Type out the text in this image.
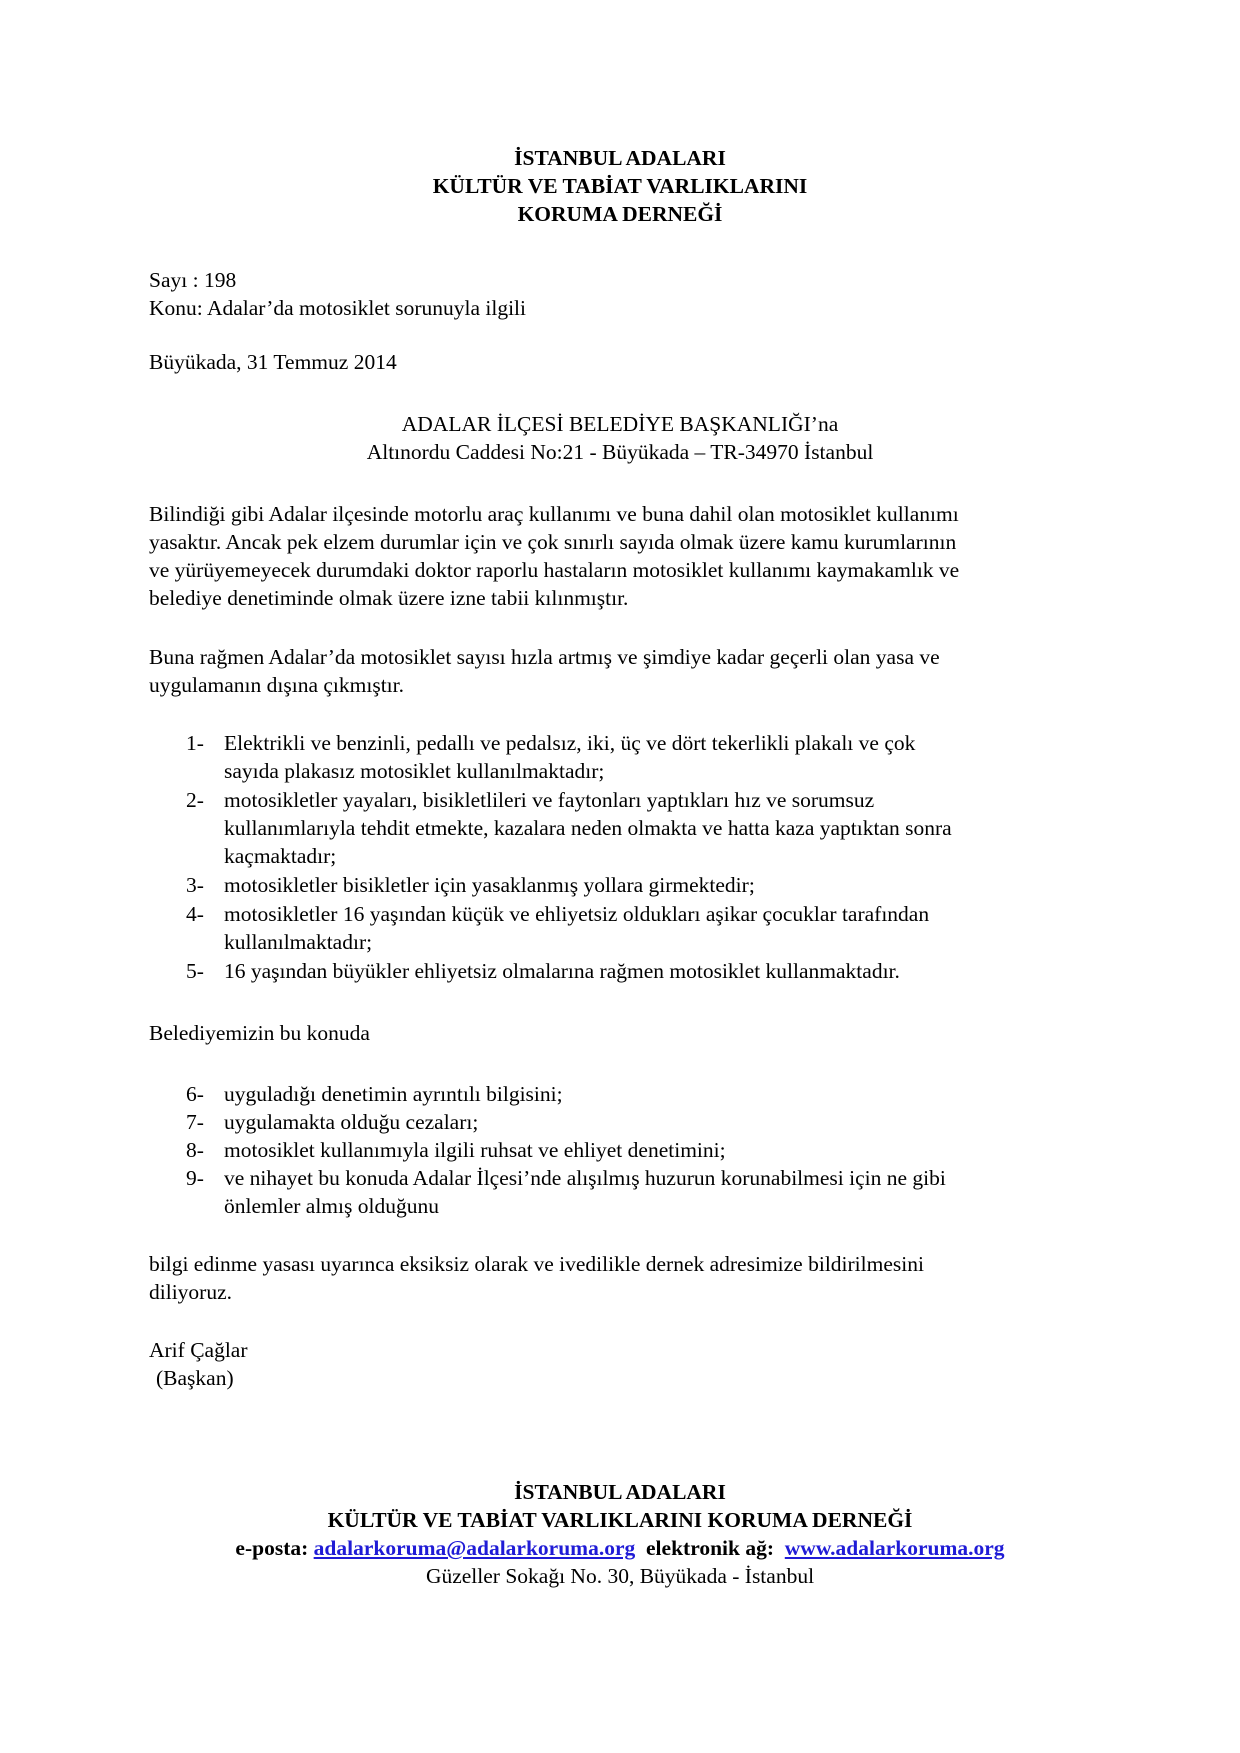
İSTANBUL ADALARI
KÜLTÜR VE TABİAT VARLIKLARINI
KORUMA DERNEĞİ
Sayı : 198
Konu: Adalar’da motosiklet sorunuyla ilgili
Büyükada, 31 Temmuz 2014
ADALAR İLÇESİ BELEDİYE BAŞKANLIĞI’na
Altınordu Caddesi No:21 - Büyükada – TR-34970 İstanbul
Bilindiği gibi Adalar ilçesinde motorlu araç kullanımı ve buna dahil olan motosiklet kullanımı
yasaktır. Ancak pek elzem durumlar için ve çok sınırlı sayıda olmak üzere kamu kurumlarının
ve yürüyemeyecek durumdaki doktor raporlu hastaların motosiklet kullanımı kaymakamlık ve
belediye denetiminde olmak üzere izne tabii kılınmıştır.
Buna rağmen Adalar’da motosiklet sayısı hızla artmış ve şimdiye kadar geçerli olan yasa ve
uygulamanın dışına çıkmıştır.
1- Elektrikli ve benzinli, pedallı ve pedalsız, iki, üç ve dört tekerlikli plakalı ve çok
sayıda plakasız motosiklet kullanılmaktadır;
2- motosikletler yayaları, bisikletlileri ve faytonları yaptıkları hız ve sorumsuz
kullanımlarıyla tehdit etmekte, kazalara neden olmakta ve hatta kaza yaptıktan sonra
kaçmaktadır;
3- motosikletler bisikletler için yasaklanmış yollara girmektedir;
4- motosikletler 16 yaşından küçük ve ehliyetsiz oldukları aşikar çocuklar tarafından
kullanılmaktadır;
5- 16 yaşından büyükler ehliyetsiz olmalarına rağmen motosiklet kullanmaktadır.
Belediyemizin bu konuda
6- uyguladığı denetimin ayrıntılı bilgisini;
7- uygulamakta olduğu cezaları;
8- motosiklet kullanımıyla ilgili ruhsat ve ehliyet denetimini;
9- ve nihayet bu konuda Adalar İlçesi’nde alışılmış huzurun korunabilmesi için ne gibi
önlemler almış olduğunu
bilgi edinme yasası uyarınca eksiksiz olarak ve ivedilikle dernek adresimize bildirilmesini
diliyoruz.
Arif Çağlar
(Başkan)
İSTANBUL ADALARI
KÜLTÜR VE TABİAT VARLIKLARINI KORUMA DERNEĞİ
e-posta: adalarkoruma@adalarkoruma.org elektronik ağ: www.adalarkoruma.org
Güzeller Sokağı No. 30, Büyükada - İstanbul
